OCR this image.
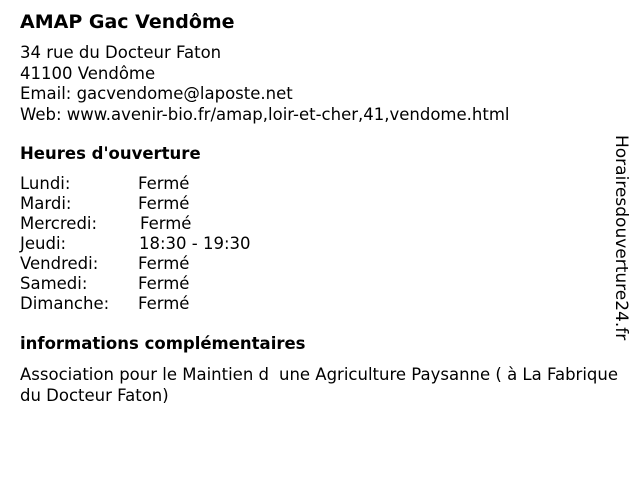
AMAP Gac Vendôme
34 rue du Docteur Faton
41100 Vendôme
Email: gacvendome@laposte.net
Web: www.avenir-bio.fr/amap,loir-et-cher,41,vendome.html
Heures d'ouverture
Lundi:	Fermé
Mardi:	Fermé
Mercredi:	Fermé
Jeudi:	18:30 - 19:30
Vendredi: Fermé
Samedi:	Fermé
Dimanche: Fermé
informations complémentaires
Association pour le Maintien dune Agriculture Paysanne ( à La Fabrique du Docteur Faton)
Horairesdouverture24.fr
